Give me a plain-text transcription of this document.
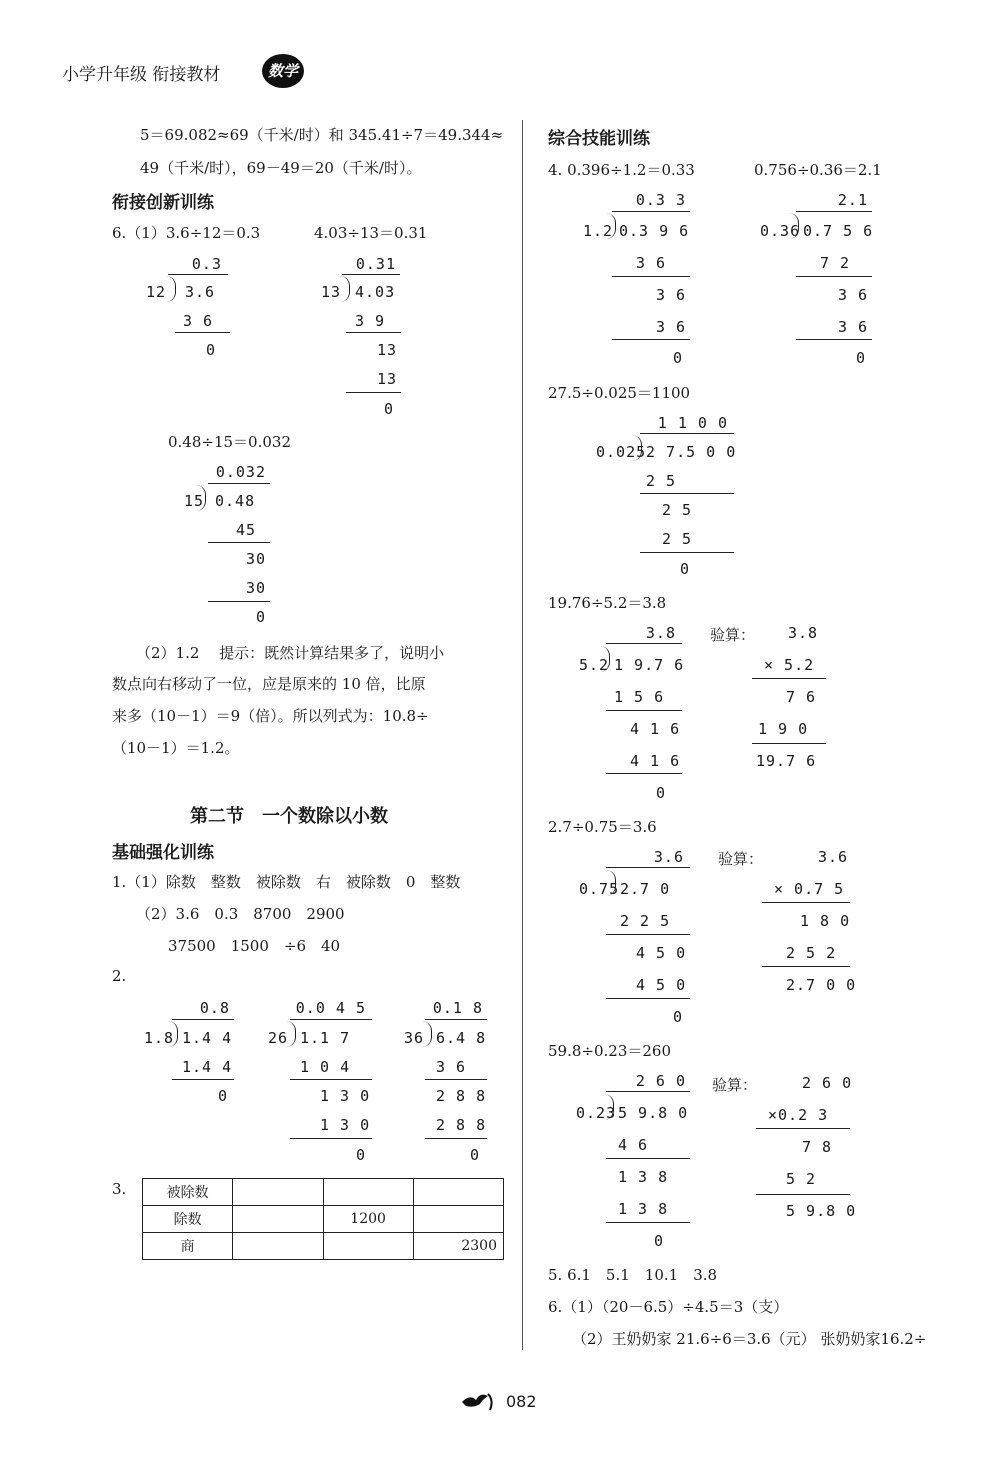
小学升年级 衔接教材	数学
5＝69.082≈69（千米/时）和 345.41÷7＝49.344≈
49（千米/时），69－49＝20（千米/时）。
衔接创新训练
6.（1）3.6÷12＝0.3	4.03÷13＝0.31
0.3
12 3.6
3 6
0
0.31
13 4.03
3 9
13
13
0
0.48÷15＝0.032
0.032
15 0.48
45
30
30
0
（2）1.2　 提示：既然计算结果多了，说明小
数点向右移动了一位，应是原来的 10 倍，比原
来多（10－1）＝9（倍）。所以列式为：10.8÷
（10－1）＝1.2。
第二节　一个数除以小数
基础强化训练
1.（1）除数　整数　被除数　右　被除数　0　整数
（2）3.6　0.3　8700　2900
37500　1500　÷6　40
2.
0.8
1.8 1.4 4
1.4 4
0
0.0 4 5
26 1.1 7
1 0 4
1 3 0
1 3 0
0
0.1 8
36 6.4 8
3 6
2 8 8
2 8 8
0
3.	被除数			
除数		1200	
商			2300
综合技能训练
4. 0.396÷1.2＝0.33	0.756÷0.36＝2.1
0.3 3
1.2 0.3 9 6
3 6
3 6
3 6
0
2.1
0.36 0.7 5 6
7 2
3 6
3 6
0
27.5÷0.025＝1100
1 1 0 0
0.025 2 7.5 0 0
2 5
2 5
2 5
0
19.76÷5.2＝3.8
3.8
5.2 1 9.7 6
1 5 6
4 1 6
4 1 6
0
验算： 3.8
× 5.2
7 6
1 9 0
19.7 6
2.7÷0.75＝3.6
3.6
0.75 2.7 0
2 2 5
4 5 0
4 5 0
0
验算：	3.6
× 0.7 5
1 8 0
2 5 2
2.7 0 0
59.8÷0.23＝260
2 6 0
0.23 5 9.8 0
4 6
1 3 8
1 3 8
0
验算：	2 6 0
×0.2 3
7 8
5 2
5 9.8 0
5. 6.1　5.1　10.1　3.8
6.（1）（20－6.5）÷4.5＝3（支）
（2）王奶奶家 21.6÷6＝3.6（元） 张奶奶家16.2÷
082
